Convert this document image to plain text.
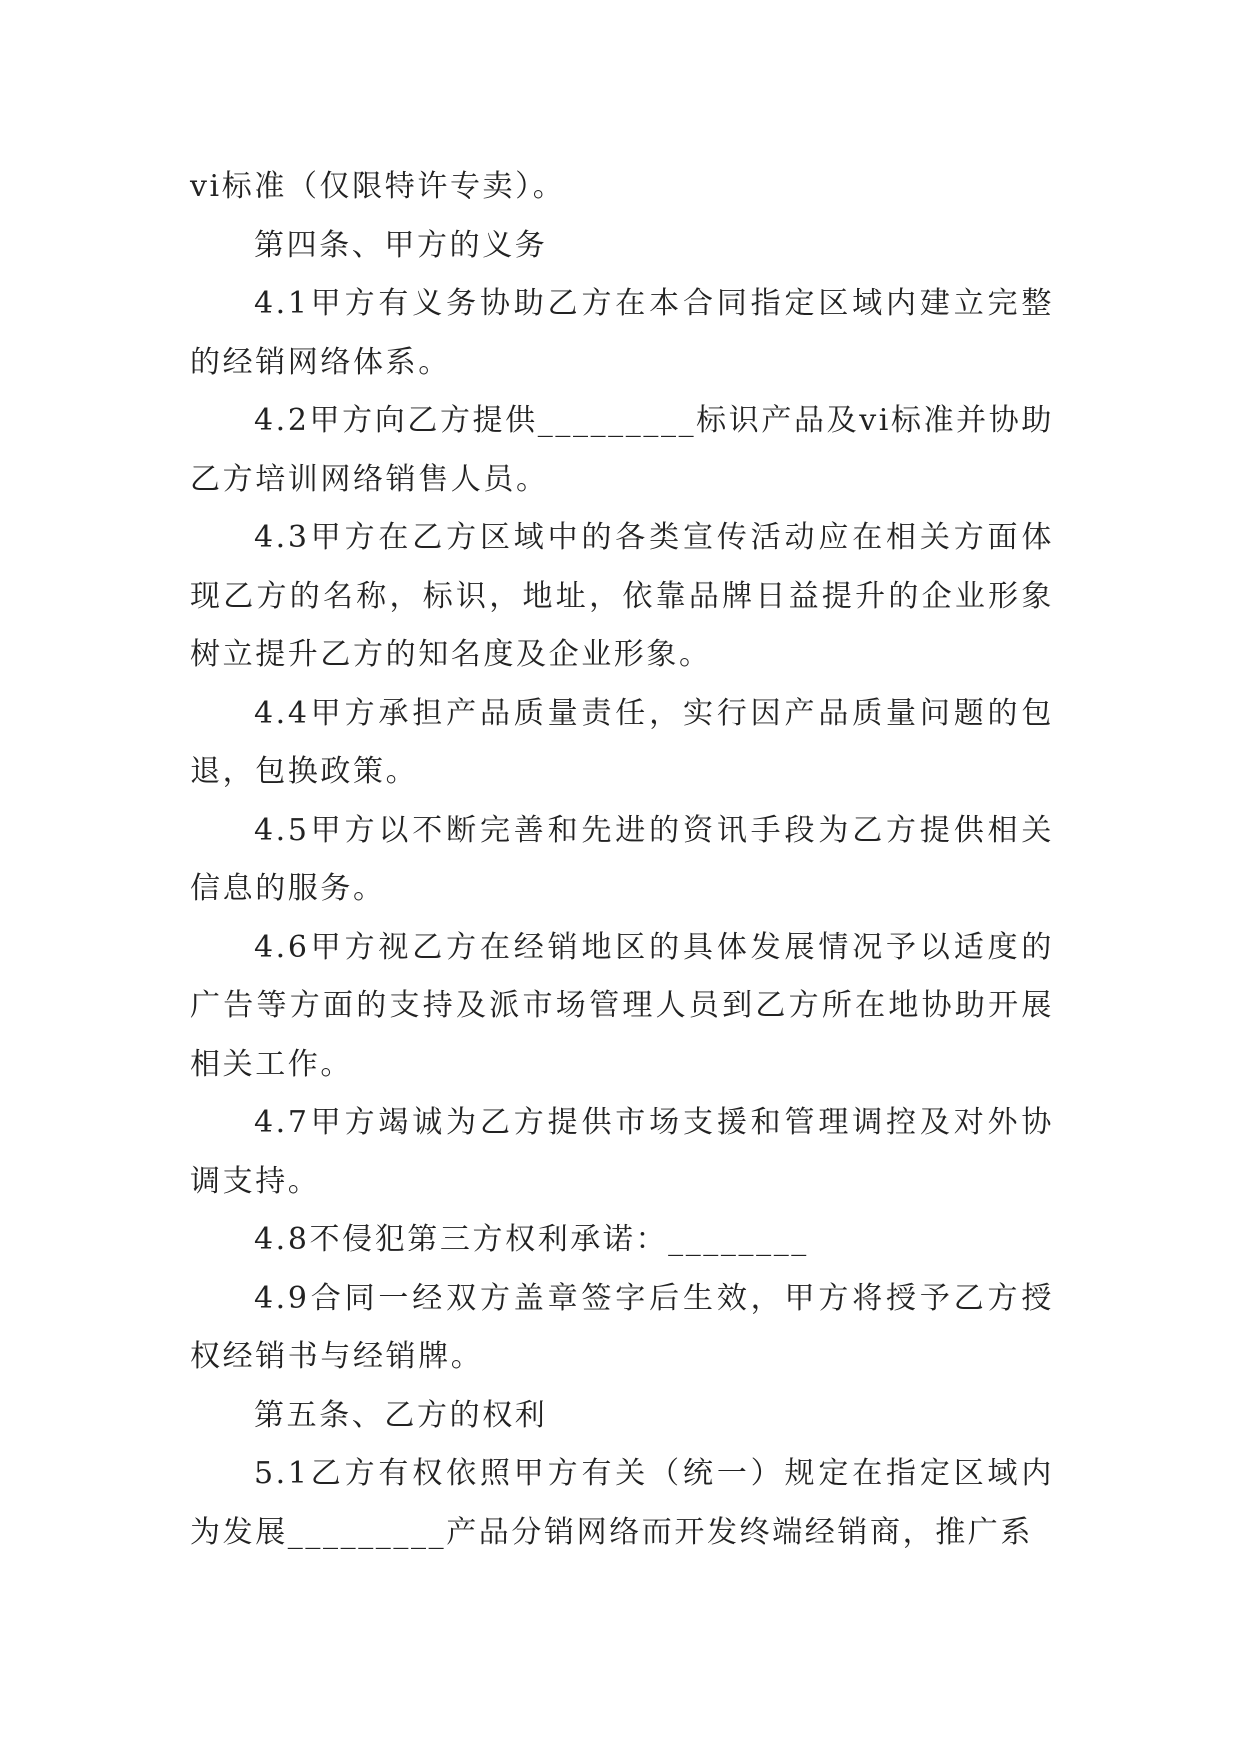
vi标准（仅限特许专卖）。

第四条、甲方的义务

4.1甲方有义务协助乙方在本合同指定区域内建立完整的经销网络体系。

4.2甲方向乙方提供_________标识产品及vi标准并协助乙方培训网络销售人员。

4.3甲方在乙方区域中的各类宣传活动应在相关方面体现乙方的名称，标识，地址，依靠品牌日益提升的企业形象树立提升乙方的知名度及企业形象。

4.4甲方承担产品质量责任，实行因产品质量问题的包退，包换政策。

4.5甲方以不断完善和先进的资讯手段为乙方提供相关信息的服务。

4.6甲方视乙方在经销地区的具体发展情况予以适度的广告等方面的支持及派市场管理人员到乙方所在地协助开展相关工作。

4.7甲方竭诚为乙方提供市场支援和管理调控及对外协调支持。

4.8不侵犯第三方权利承诺：________

4.9合同一经双方盖章签字后生效，甲方将授予乙方授权经销书与经销牌。

第五条、乙方的权利

5.1乙方有权依照甲方有关（统一）规定在指定区域内为发展_________产品分销网络而开发终端经销商，推广系
